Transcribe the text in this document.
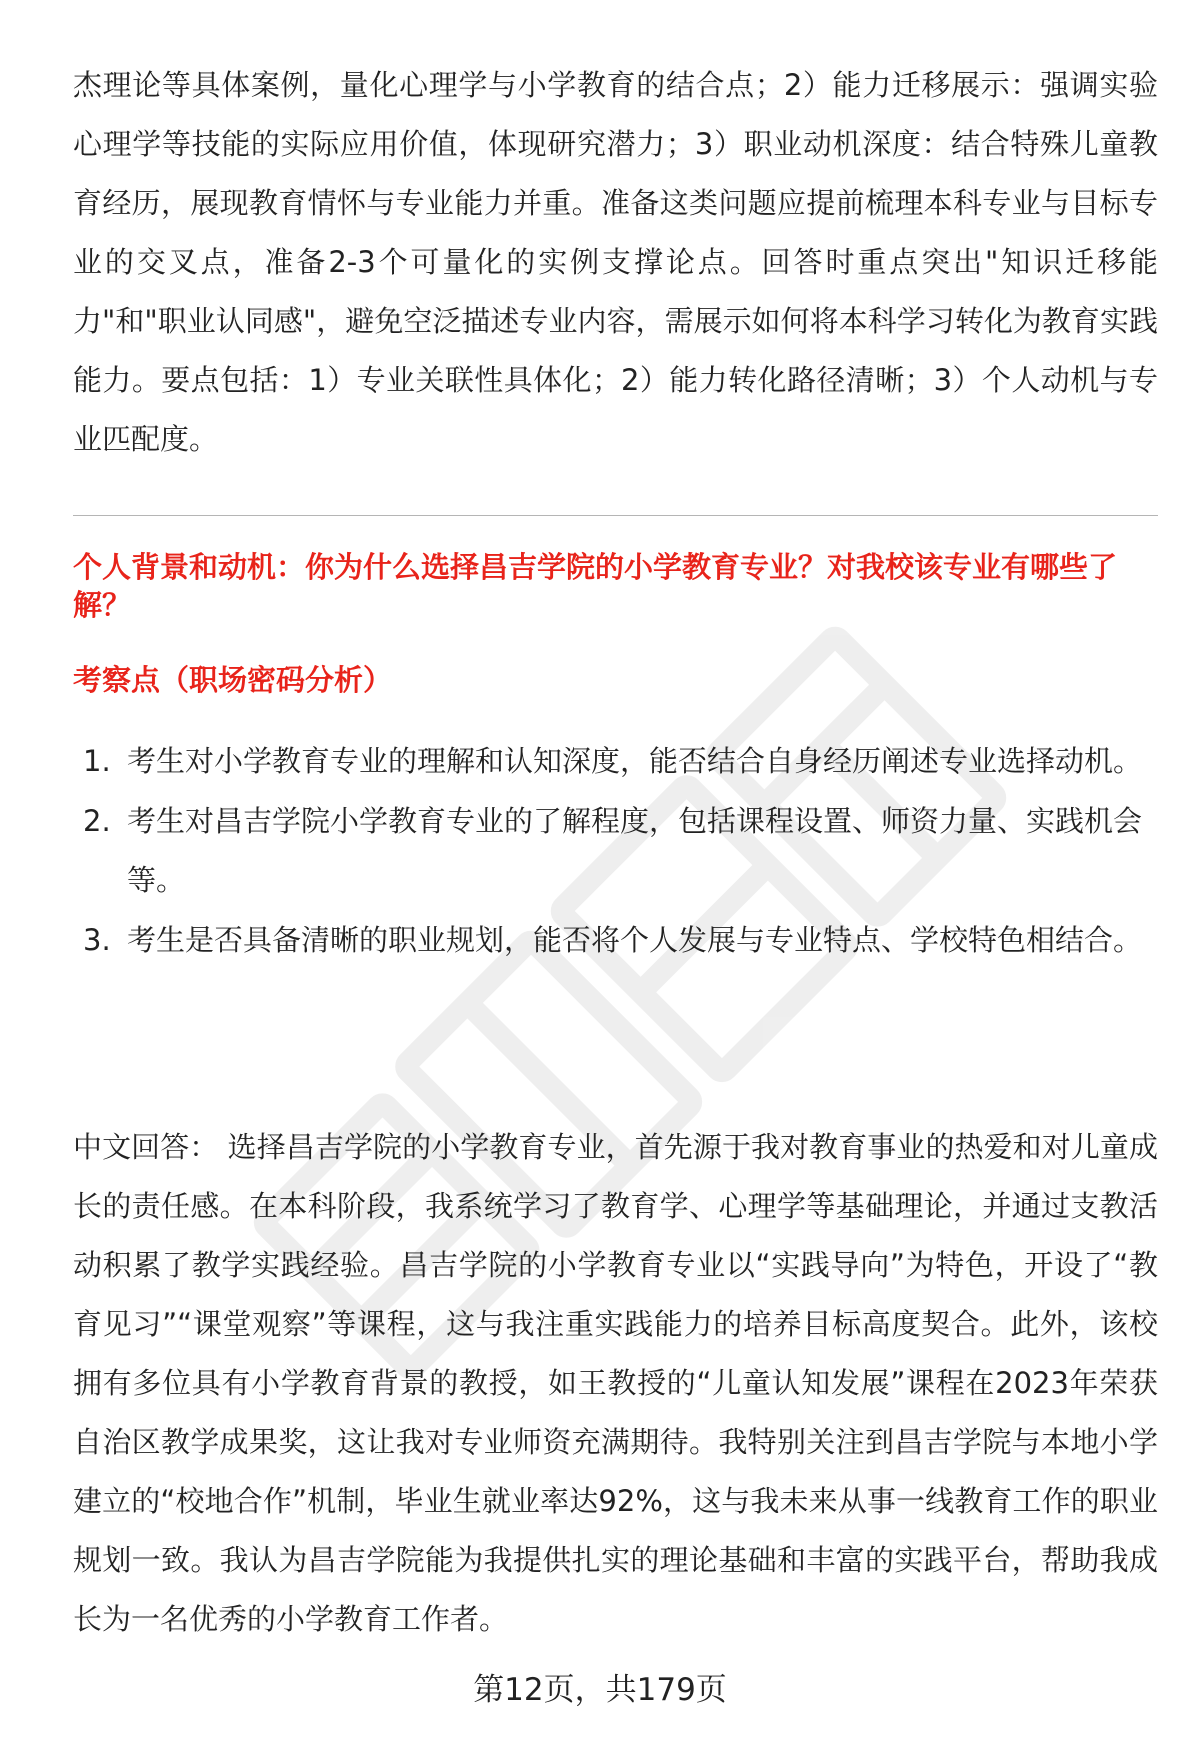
杰理论等具体案例，量化心理学与小学教育的结合点；2）能力迁移展示：强调实验心理学等技能的实际应用价值，体现研究潜力；3）职业动机深度：结合特殊儿童教育经历，展现教育情怀与专业能力并重。准备这类问题应提前梳理本科专业与目标专业的交叉点，准备2-3个可量化的实例支撑论点。回答时重点突出"知识迁移能力"和"职业认同感"，避免空泛描述专业内容，需展示如何将本科学习转化为教育实践能力。要点包括：1）专业关联性具体化；2）能力转化路径清晰；3）个人动机与专业匹配度。

个人背景和动机：你为什么选择昌吉学院的小学教育专业？对我校该专业有哪些了解？

考察点（职场密码分析）

1. 考生对小学教育专业的理解和认知深度，能否结合自身经历阐述专业选择动机。
2. 考生对昌吉学院小学教育专业的了解程度，包括课程设置、师资力量、实践机会等。
3. 考生是否具备清晰的职业规划，能否将个人发展与专业特点、学校特色相结合。

中文回答： 选择昌吉学院的小学教育专业，首先源于我对教育事业的热爱和对儿童成长的责任感。在本科阶段，我系统学习了教育学、心理学等基础理论，并通过支教活动积累了教学实践经验。昌吉学院的小学教育专业以“实践导向”为特色，开设了“教育见习”“课堂观察”等课程，这与我注重实践能力的培养目标高度契合。此外，该校拥有多位具有小学教育背景的教授，如王教授的“儿童认知发展”课程在2023年荣获自治区教学成果奖，这让我对专业师资充满期待。我特别关注到昌吉学院与本地小学建立的“校地合作”机制，毕业生就业率达92%，这与我未来从事一线教育工作的职业规划一致。我认为昌吉学院能为我提供扎实的理论基础和丰富的实践平台，帮助我成长为一名优秀的小学教育工作者。

第12页，共179页
